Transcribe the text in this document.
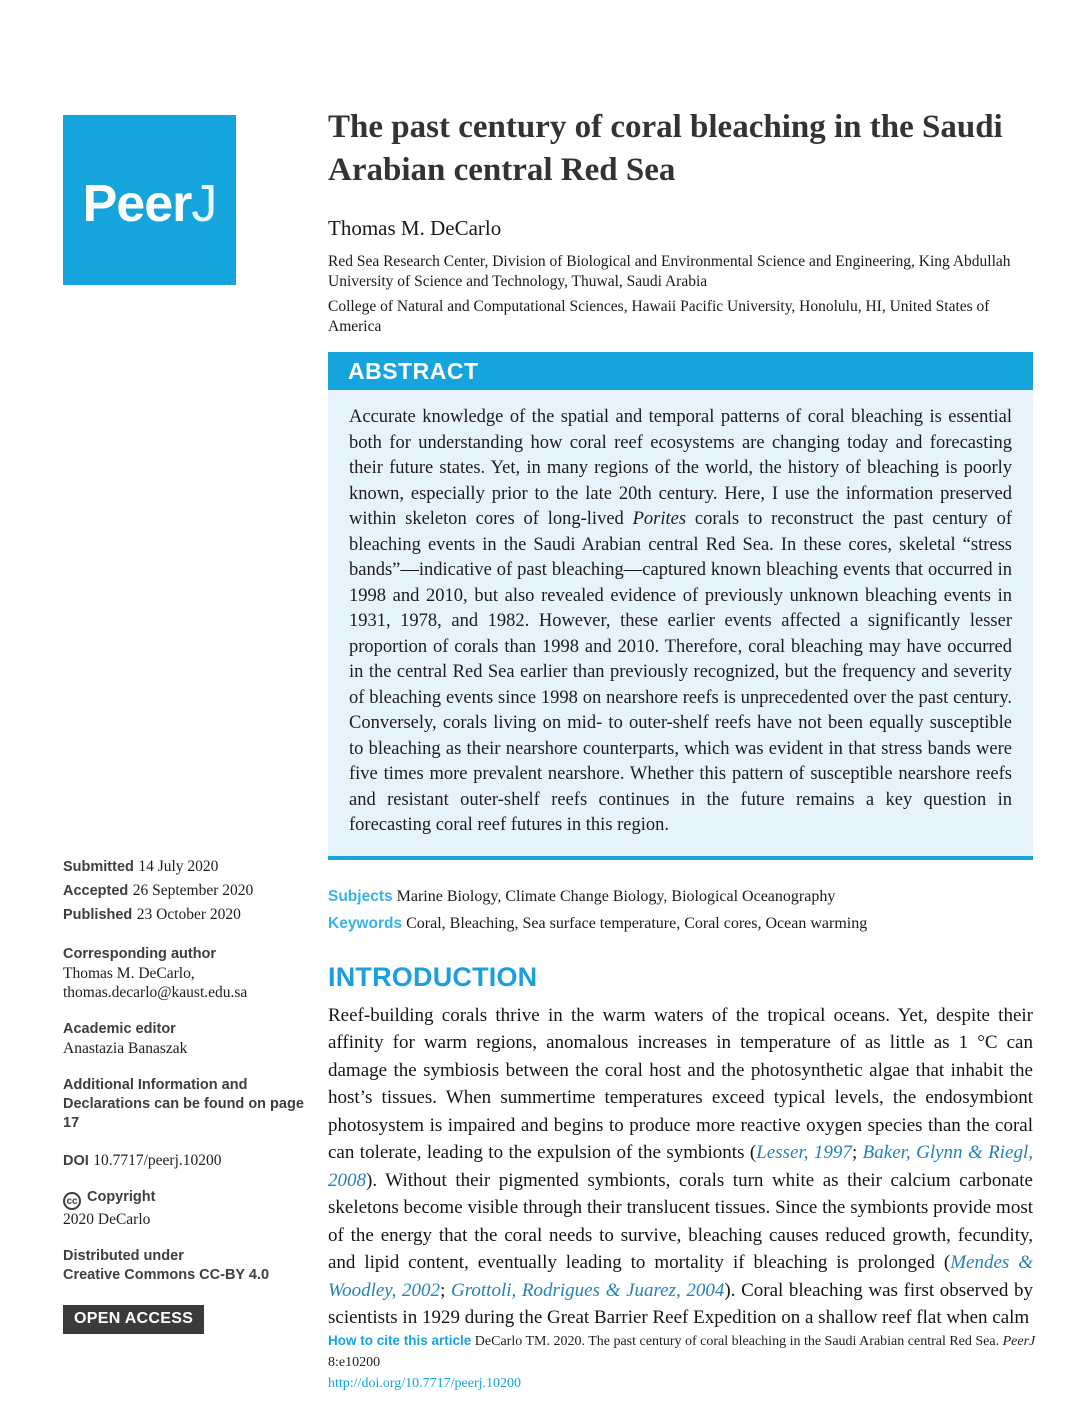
PeerJ
The past century of coral bleaching in the Saudi Arabian central Red Sea
Thomas M. DeCarlo

Red Sea Research Center, Division of Biological and Environmental Science and Engineering, King Abdullah University of Science and Technology, Thuwal, Saudi Arabia

College of Natural and Computational Sciences, Hawaii Pacific University, Honolulu, HI, United States of America

ABSTRACT
Accurate knowledge of the spatial and temporal patterns of coral bleaching is essential both for understanding how coral reef ecosystems are changing today and forecasting their future states. Yet, in many regions of the world, the history of bleaching is poorly known, especially prior to the late 20th century. Here, I use the information preserved within skeleton cores of long-lived Porites corals to reconstruct the past century of bleaching events in the Saudi Arabian central Red Sea. In these cores, skeletal “stress bands”—indicative of past bleaching—captured known bleaching events that occurred in 1998 and 2010, but also revealed evidence of previously unknown bleaching events in 1931, 1978, and 1982. However, these earlier events affected a significantly lesser proportion of corals than 1998 and 2010. Therefore, coral bleaching may have occurred in the central Red Sea earlier than previously recognized, but the frequency and severity of bleaching events since 1998 on nearshore reefs is unprecedented over the past century. Conversely, corals living on mid- to outer-shelf reefs have not been equally susceptible to bleaching as their nearshore counterparts, which was evident in that stress bands were five times more prevalent nearshore. Whether this pattern of susceptible nearshore reefs and resistant outer-shelf reefs continues in the future remains a key question in forecasting coral reef futures in this region.
Subjects Marine Biology, Climate Change Biology, Biological Oceanography
Keywords Coral, Bleaching, Sea surface temperature, Coral cores, Ocean warming
INTRODUCTION

Reef-building corals thrive in the warm waters of the tropical oceans. Yet, despite their affinity for warm regions, anomalous increases in temperature of as little as 1 °C can damage the symbiosis between the coral host and the photosynthetic algae that inhabit the host’s tissues. When summertime temperatures exceed typical levels, the endosymbiont photosystem is impaired and begins to produce more reactive oxygen species than the coral can tolerate, leading to the expulsion of the symbionts (Lesser, 1997; Baker, Glynn & Riegl, 2008). Without their pigmented symbionts, corals turn white as their calcium carbonate skeletons become visible through their translucent tissues. Since the symbionts provide most of the energy that the coral needs to survive, bleaching causes reduced growth, fecundity, and lipid content, eventually leading to mortality if bleaching is prolonged (Mendes & Woodley, 2002; Grottoli, Rodrigues & Juarez, 2004). Coral bleaching was first observed by scientists in 1929 during the Great Barrier Reef Expedition on a shallow reef flat when calm

Submitted 14 July 2020
Accepted 26 September 2020
Published 23 October 2020
Corresponding author
Thomas M. DeCarlo,
thomas.decarlo@kaust.edu.sa
Academic editor
Anastazia Banaszak
Additional Information and Declarations can be found on page 17
DOI 10.7717/peerj.10200
cc Copyright
2020 DeCarlo
Distributed under
Creative Commons CC-BY 4.0
OPEN ACCESS
How to cite this article DeCarlo TM. 2020. The past century of coral bleaching in the Saudi Arabian central Red Sea. PeerJ 8:e10200
http://doi.org/10.7717/peerj.10200
